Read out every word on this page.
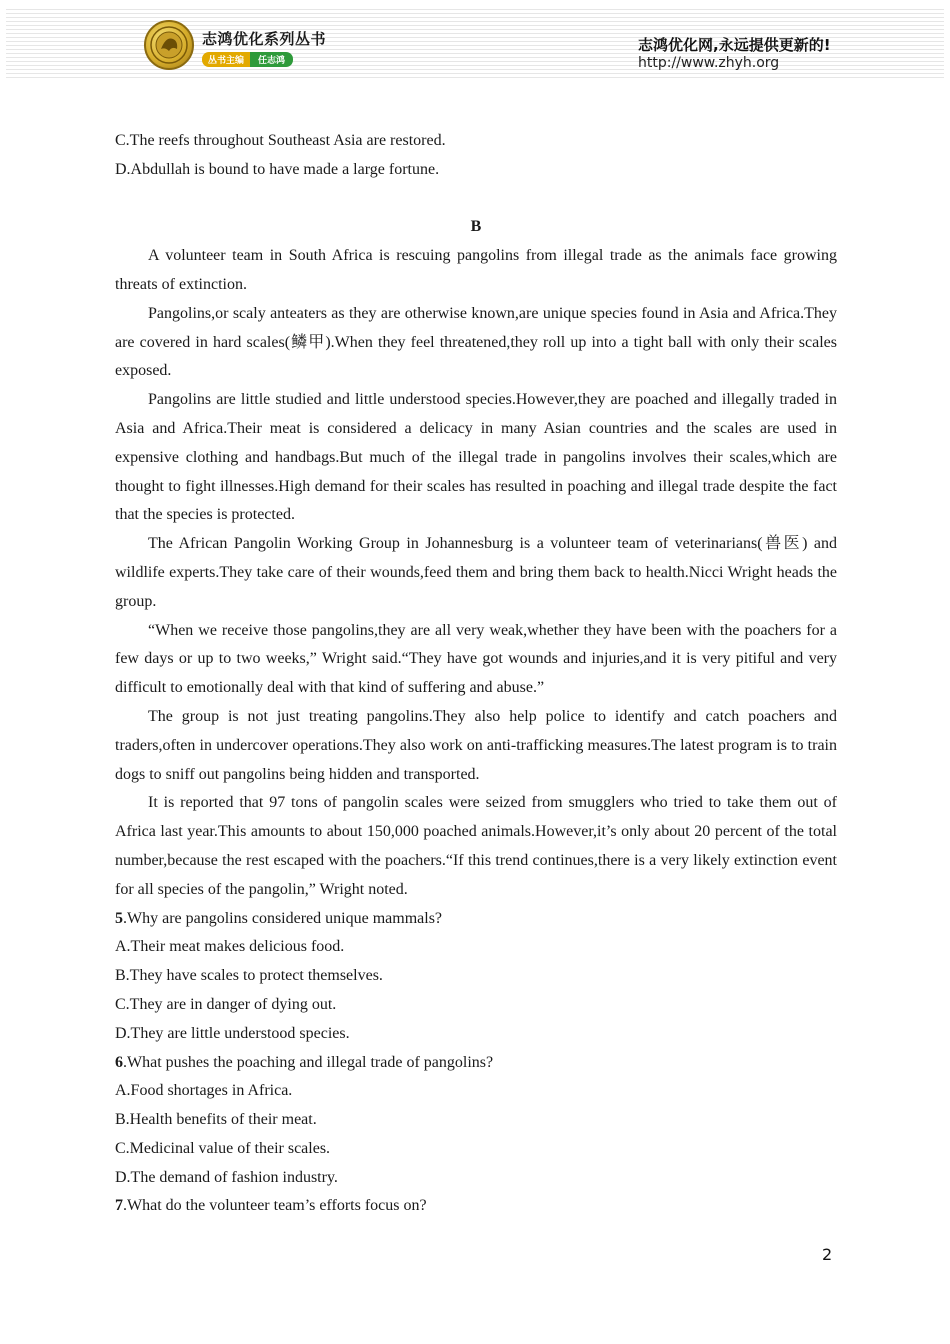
志鸿优化系列丛书
丛书主编	任志鸿
志鸿优化网,永远提供更新的!
http://www.zhyh.org

C.The reefs throughout Southeast Asia are restored.

D.Abdullah is bound to have made a large fortune.

B

A volunteer team in South Africa is rescuing pangolins from illegal trade as the animals face growing threats of extinction.

Pangolins,or scaly anteaters as they are otherwise known,are unique species found in Asia and Africa.They are covered in hard scales(鳞甲).When they feel threatened,they roll up into a tight ball with only their scales exposed.

Pangolins are little studied and little understood species.However,they are poached and illegally traded in Asia and Africa.Their meat is considered a delicacy in many Asian countries and the scales are used in expensive clothing and handbags.But much of the illegal trade in pangolins involves their scales,which are thought to fight illnesses.High demand for their scales has resulted in poaching and illegal trade despite the fact that the species is protected.

The African Pangolin Working Group in Johannesburg is a volunteer team of veterinarians(兽医) and wildlife experts.They take care of their wounds,feed them and bring them back to health.Nicci Wright heads the group.

“When we receive those pangolins,they are all very weak,whether they have been with the poachers for a few days or up to two weeks,” Wright said.“They have got wounds and injuries,and it is very pitiful and very difficult to emotionally deal with that kind of suffering and abuse.”

The group is not just treating pangolins.They also help police to identify and catch poachers and traders,often in undercover operations.They also work on anti-trafficking measures.The latest program is to train dogs to sniff out pangolins being hidden and transported.

It is reported that 97 tons of pangolin scales were seized from smugglers who tried to take them out of Africa last year.This amounts to about 150,000 poached animals.However,it’s only about 20 percent of the total number,because the rest escaped with the poachers.“If this trend continues,there is a very likely extinction event for all species of the pangolin,” Wright noted.

5.Why are pangolins considered unique mammals?

A.Their meat makes delicious food.

B.They have scales to protect themselves.

C.They are in danger of dying out.

D.They are little understood species.

6.What pushes the poaching and illegal trade of pangolins?

A.Food shortages in Africa.

B.Health benefits of their meat.

C.Medicinal value of their scales.

D.The demand of fashion industry.

7.What do the volunteer team’s efforts focus on?

2
